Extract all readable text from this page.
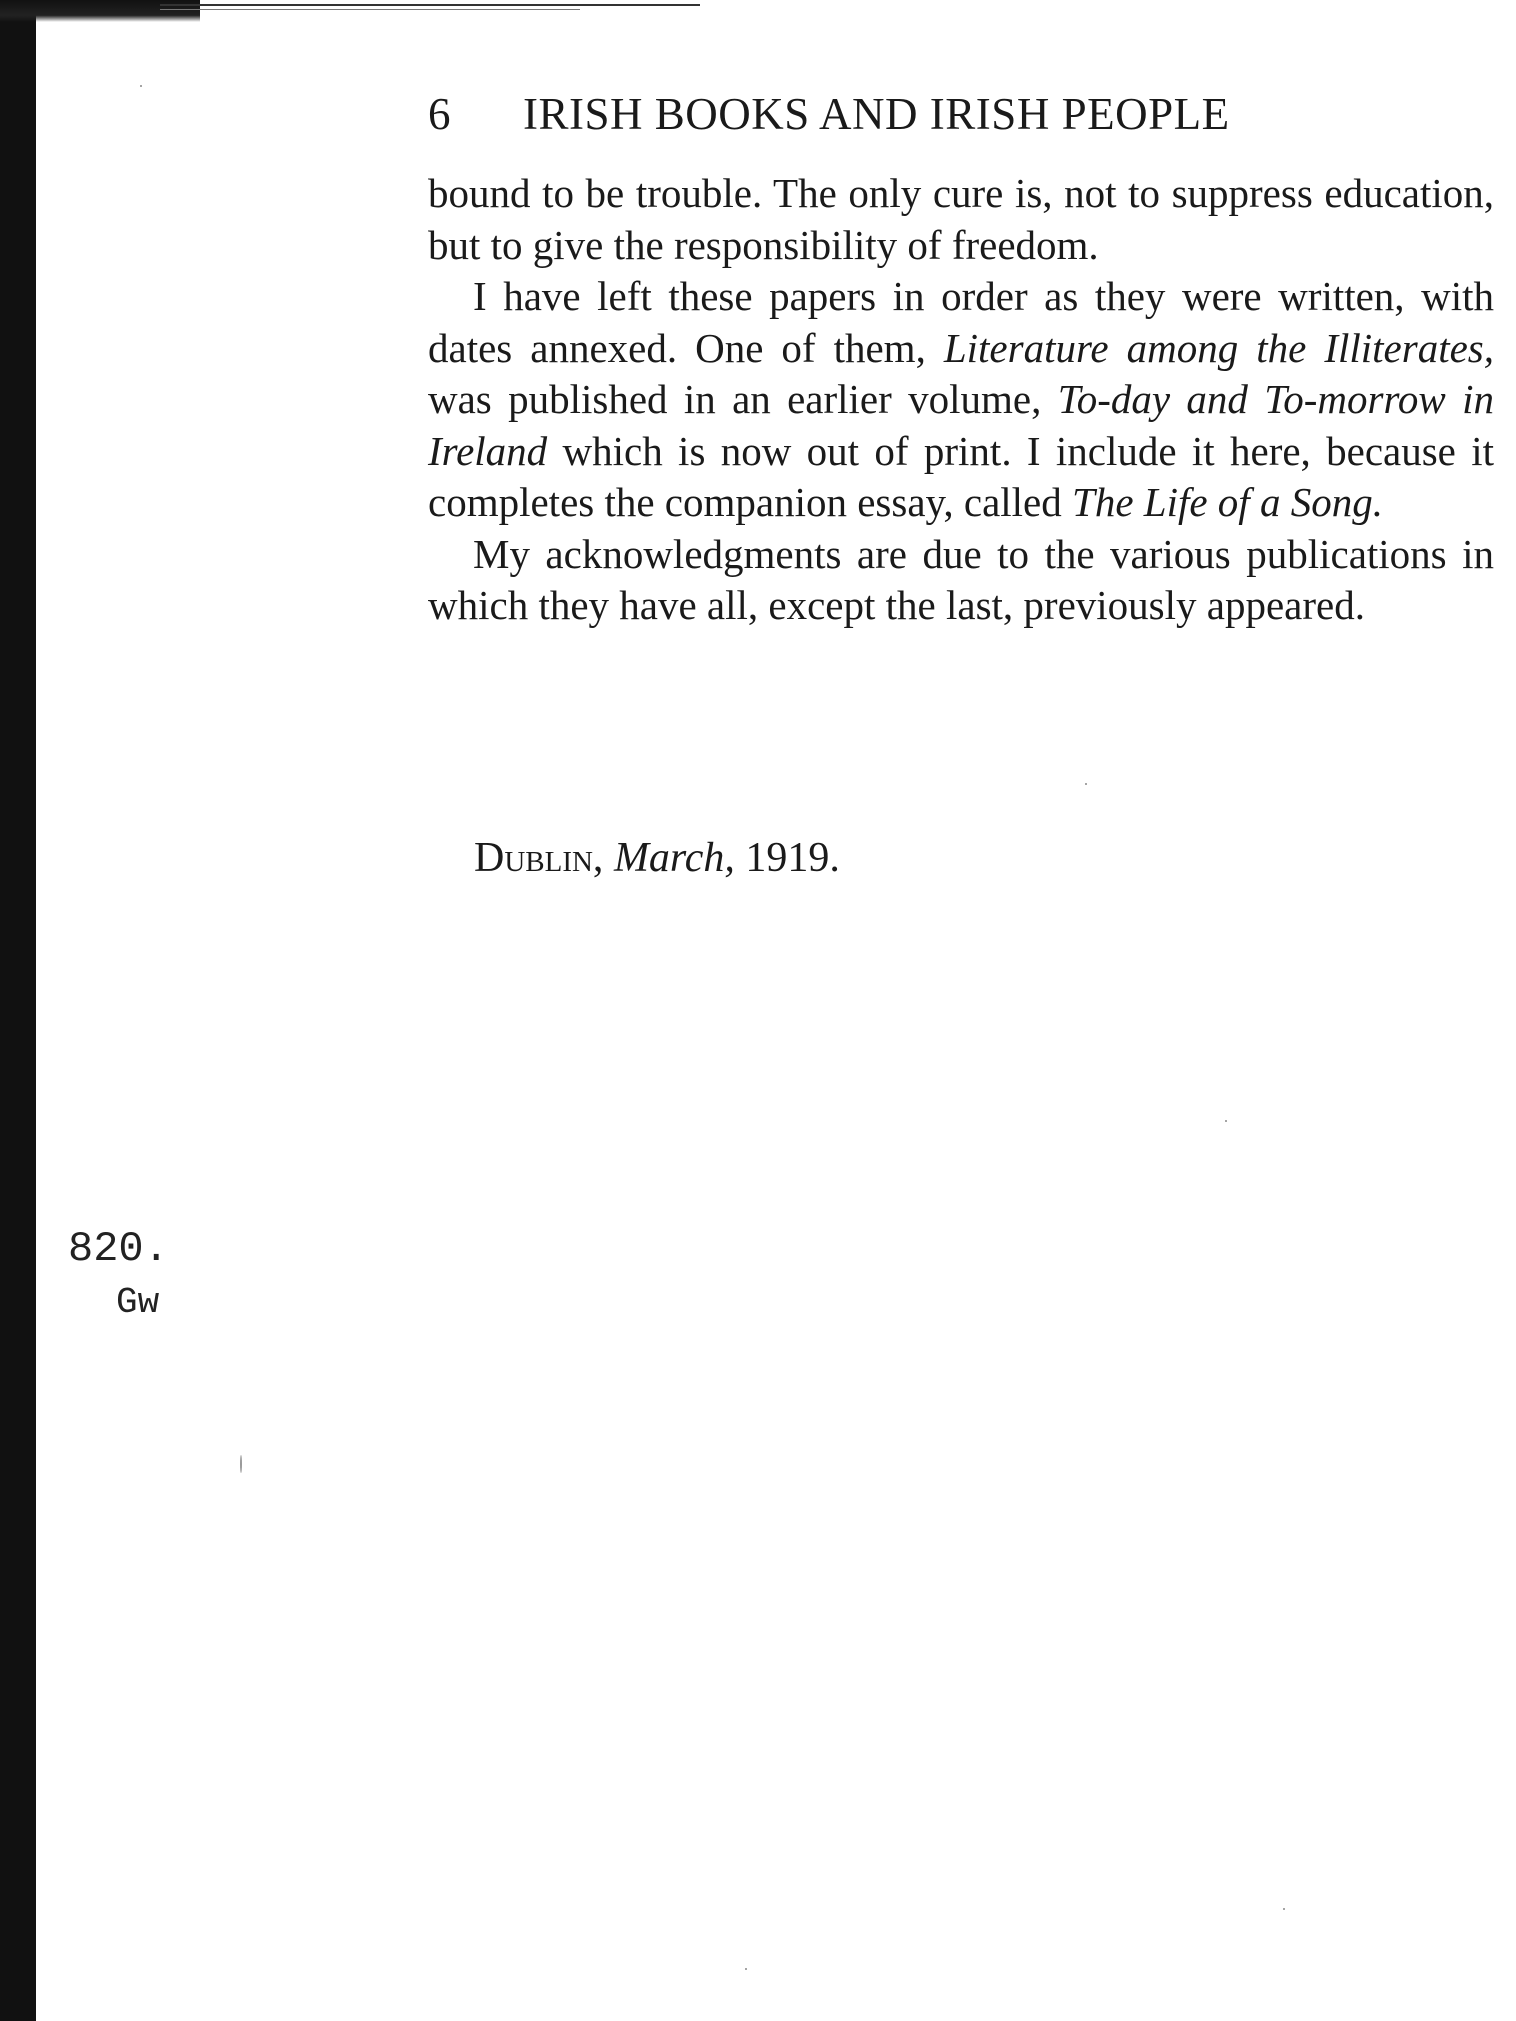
6 IRISH BOOKS AND IRISH PEOPLE

bound to be trouble. The only cure is, not to suppress education, but to give the responsibility of freedom.

I have left these papers in order as they were written, with dates annexed. One of them, Literature among the Illiterates, was published in an earlier volume, To-day and To-morrow in Ireland which is now out of print. I include it here, because it completes the companion essay, called The Life of a Song.

My acknowledgments are due to the various publications in which they have all, except the last, previously appeared.

Dublin, March, 1919.
820.
Gw
